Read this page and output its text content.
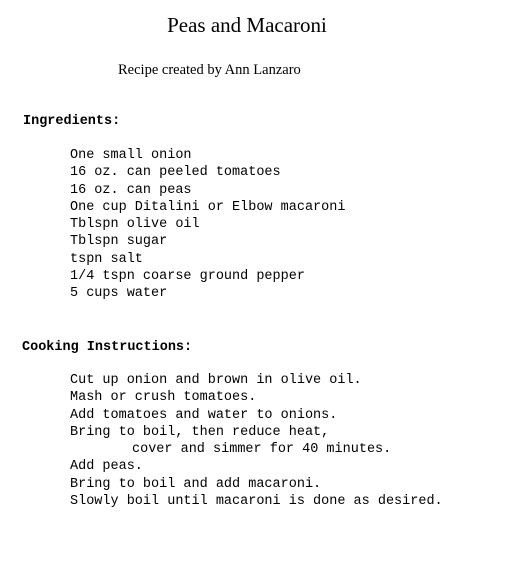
Peas and Macaroni
Recipe created by Ann Lanzaro
Ingredients:
One small onion
16 oz. can peeled tomatoes
16 oz. can peas
One cup Ditalini or Elbow macaroni
Tblspn olive oil
Tblspn sugar
tspn salt
1/4 tspn coarse ground pepper
5 cups water
Cooking Instructions:
Cut up onion and brown in olive oil.
Mash or crush tomatoes.
Add tomatoes and water to onions.
Bring to boil, then reduce heat,
cover and simmer for 40 minutes.
Add peas.
Bring to boil and add macaroni.
Slowly boil until macaroni is done as desired.
